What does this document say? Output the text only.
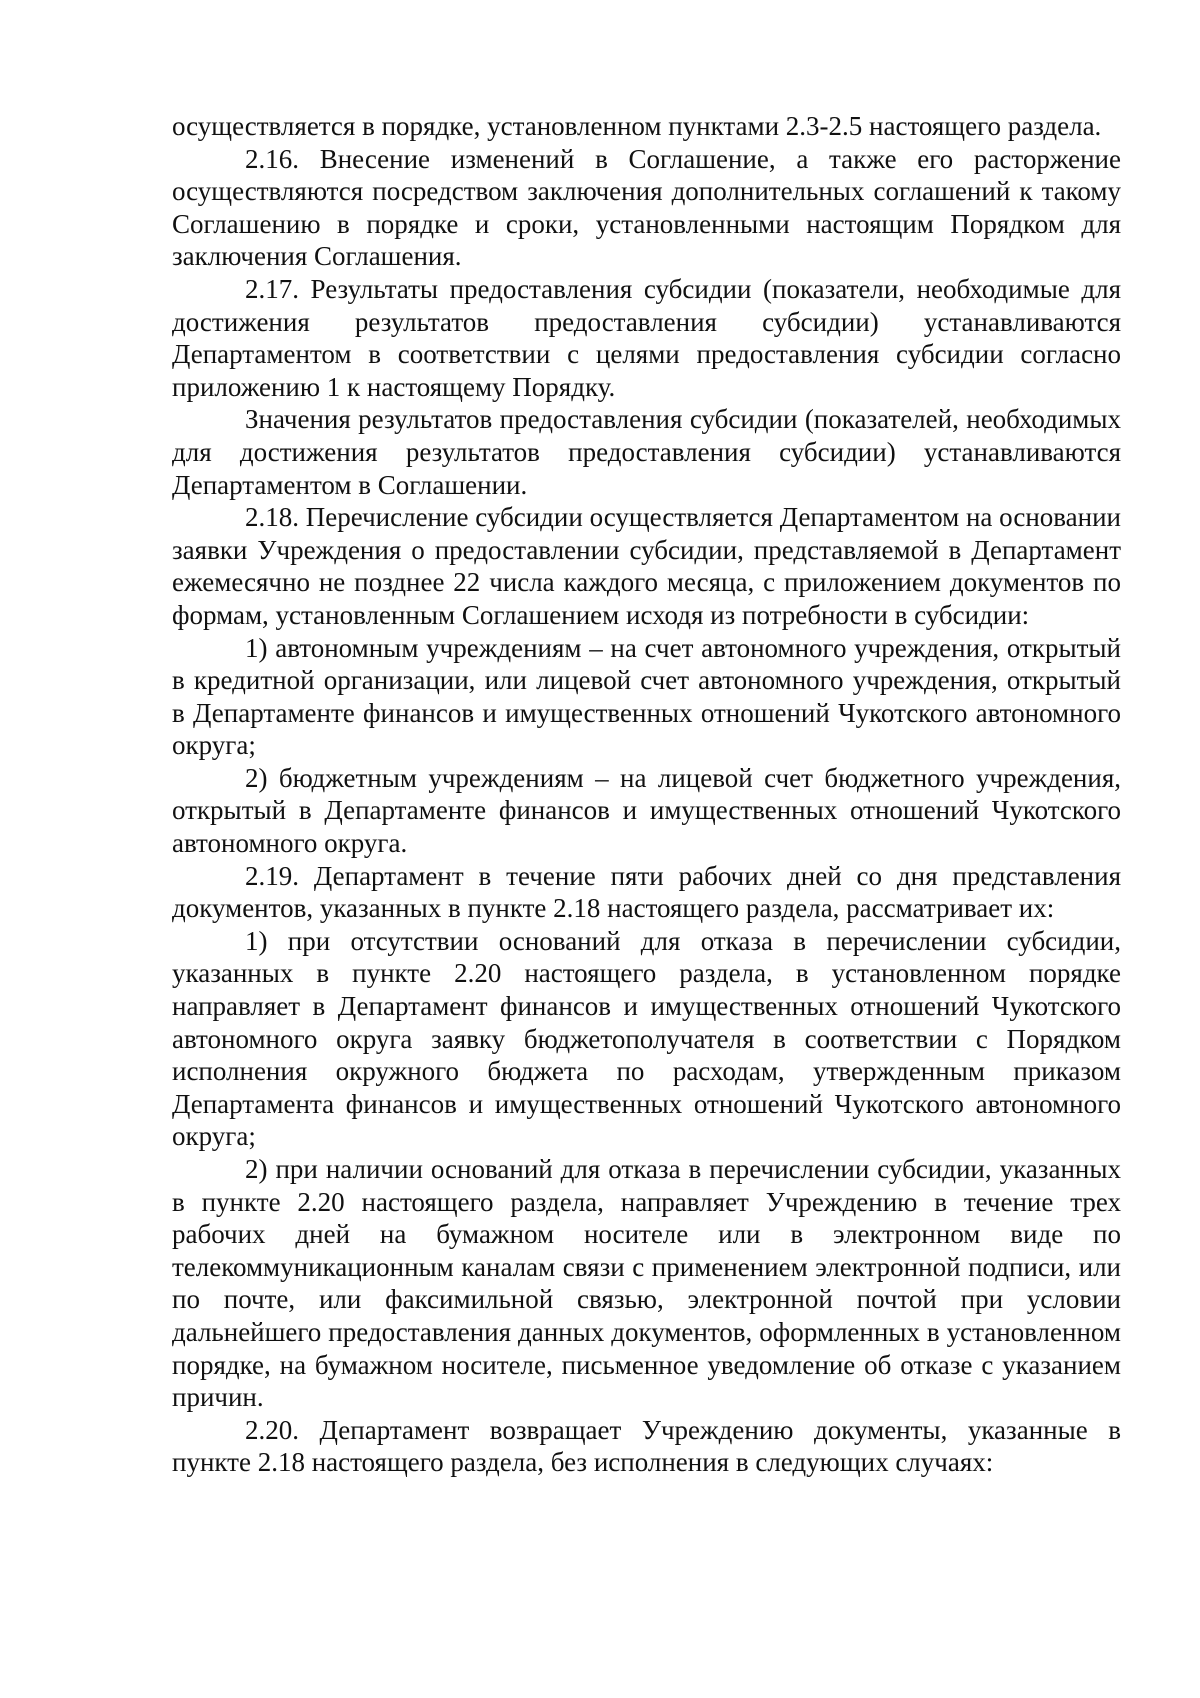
осуществляется в порядке, установленном пунктами 2.3-2.5 настоящего раздела.

2.16. Внесение изменений в Соглашение, а также его расторжение осуществляются посредством заключения дополнительных соглашений к такому Соглашению в порядке и сроки, установленными настоящим Порядком для заключения Соглашения.

2.17. Результаты предоставления субсидии (показатели, необходимые для достижения результатов предоставления субсидии) устанавливаются Департаментом в соответствии с целями предоставления субсидии согласно приложению 1 к настоящему Порядку.

Значения результатов предоставления субсидии (показателей, необходимых для достижения результатов предоставления субсидии) устанавливаются Департаментом в Соглашении.

2.18. Перечисление субсидии осуществляется Департаментом на основании заявки Учреждения о предоставлении субсидии, представляемой в Департамент ежемесячно не позднее 22 числа каждого месяца, с приложением документов по формам, установленным Соглашением исходя из потребности в субсидии:

1) автономным учреждениям – на счет автономного учреждения, открытый в кредитной организации, или лицевой счет автономного учреждения, открытый в Департаменте финансов и имущественных отношений Чукотского автономного округа;

2) бюджетным учреждениям – на лицевой счет бюджетного учреждения, открытый в Департаменте финансов и имущественных отношений Чукотского автономного округа.

2.19. Департамент в течение пяти рабочих дней со дня представления документов, указанных в пункте 2.18 настоящего раздела, рассматривает их:

1) при отсутствии оснований для отказа в перечислении субсидии, указанных в пункте 2.20 настоящего раздела, в установленном порядке направляет в Департамент финансов и имущественных отношений Чукотского автономного округа заявку бюджетополучателя в соответствии с Порядком исполнения окружного бюджета по расходам, утвержденным приказом Департамента финансов и имущественных отношений Чукотского автономного округа;

2) при наличии оснований для отказа в перечислении субсидии, указанных в пункте 2.20 настоящего раздела, направляет Учреждению в течение трех рабочих дней на бумажном носителе или в электронном виде по телекоммуникационным каналам связи с применением электронной подписи, или по почте, или факсимильной связью, электронной почтой при условии дальнейшего предоставления данных документов, оформленных в установленном порядке, на бумажном носителе, письменное уведомление об отказе с указанием причин.

2.20. Департамент возвращает Учреждению документы, указанные в пункте 2.18 настоящего раздела, без исполнения в следующих случаях:
